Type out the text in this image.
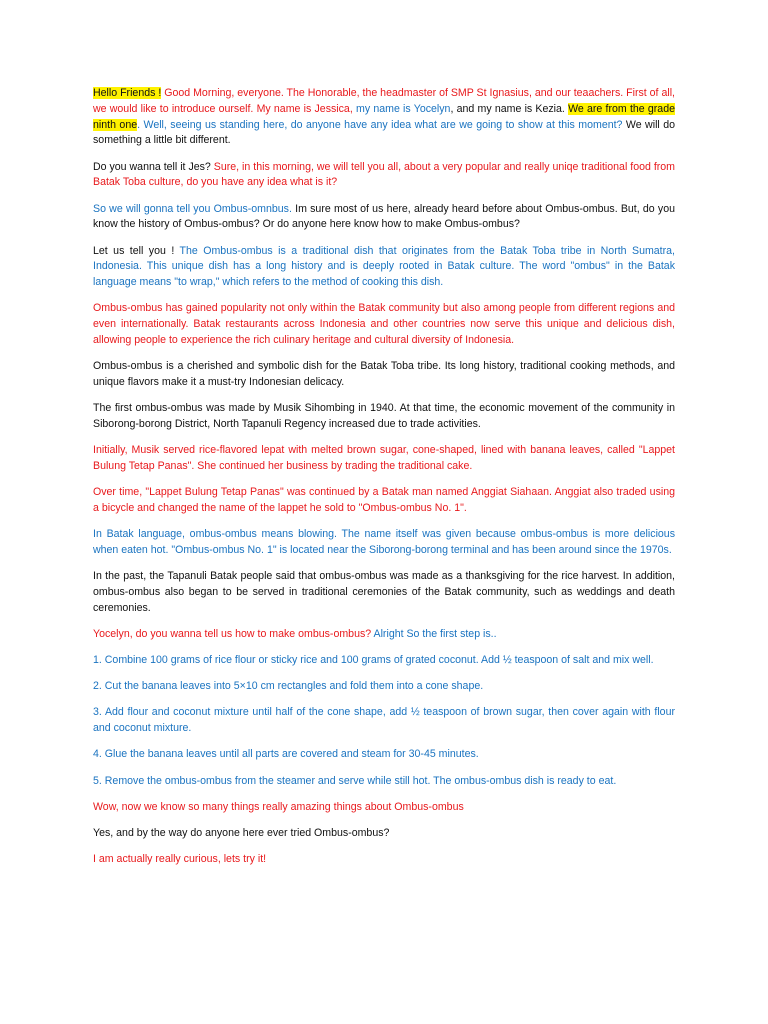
Hello Friends ! Good Morning, everyone. The Honorable, the headmaster of SMP St Ignasius, and our teaachers. First of all, we would like to introduce ourself. My name is Jessica, my name is Yocelyn, and my name is Kezia. We are from the grade ninth one. Well, seeing us standing here, do anyone have any idea what are we going to show at this moment? We will do something a little bit different.

Do you wanna tell it Jes? Sure, in this morning, we will tell you all, about a very popular and really uniqe traditional food from Batak Toba culture, do you have any idea what is it?

So we will gonna tell you Ombus-omnbus. Im sure most of us here, already heard before about Ombus-ombus. But, do you know the history of Ombus-ombus? Or do anyone here know how to make Ombus-ombus?

Let us tell you ! The Ombus-ombus is a traditional dish that originates from the Batak Toba tribe in North Sumatra, Indonesia. This unique dish has a long history and is deeply rooted in Batak culture. The word "ombus" in the Batak language means "to wrap," which refers to the method of cooking this dish.

Ombus-ombus has gained popularity not only within the Batak community but also among people from different regions and even internationally. Batak restaurants across Indonesia and other countries now serve this unique and delicious dish, allowing people to experience the rich culinary heritage and cultural diversity of Indonesia.

Ombus-ombus is a cherished and symbolic dish for the Batak Toba tribe. Its long history, traditional cooking methods, and unique flavors make it a must-try Indonesian delicacy.

The first ombus-ombus was made by Musik Sihombing in 1940. At that time, the economic movement of the community in Siborong-borong District, North Tapanuli Regency increased due to trade activities.

Initially, Musik served rice-flavored lepat with melted brown sugar, cone-shaped, lined with banana leaves, called "Lappet Bulung Tetap Panas". She continued her business by trading the traditional cake.

Over time, "Lappet Bulung Tetap Panas" was continued by a Batak man named Anggiat Siahaan. Anggiat also traded using a bicycle and changed the name of the lappet he sold to "Ombus-ombus No. 1".

In Batak language, ombus-ombus means blowing. The name itself was given because ombus-ombus is more delicious when eaten hot. "Ombus-ombus No. 1" is located near the Siborong-borong terminal and has been around since the 1970s.

In the past, the Tapanuli Batak people said that ombus-ombus was made as a thanksgiving for the rice harvest. In addition, ombus-ombus also began to be served in traditional ceremonies of the Batak community, such as weddings and death ceremonies.

Yocelyn, do you wanna tell us how to make ombus-ombus? Alright So the first step is..

1. Combine 100 grams of rice flour or sticky rice and 100 grams of grated coconut. Add ½ teaspoon of salt and mix well.

2. Cut the banana leaves into 5×10 cm rectangles and fold them into a cone shape.

3. Add flour and coconut mixture until half of the cone shape, add ½ teaspoon of brown sugar, then cover again with flour and coconut mixture.

4. Glue the banana leaves until all parts are covered and steam for 30-45 minutes.

5. Remove the ombus-ombus from the steamer and serve while still hot. The ombus-ombus dish is ready to eat.

Wow, now we know so many things really amazing things about Ombus-ombus

Yes, and by the way do anyone here ever tried Ombus-ombus?

I am actually really curious, lets try it!
